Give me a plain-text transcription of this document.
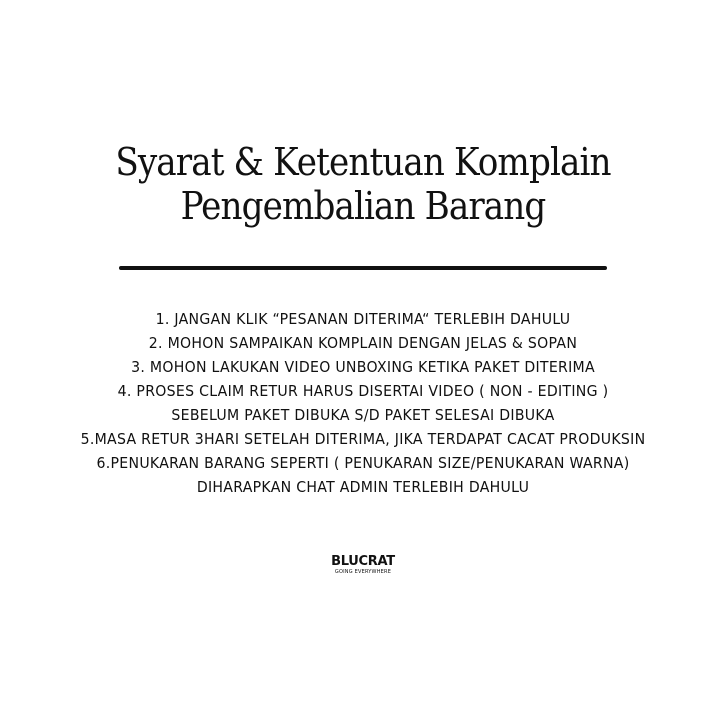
Syarat & Ketentuan Komplain
Pengembalian Barang
1. JANGAN KLIK “PESANAN DITERIMA“ TERLEBIH DAHULU
2. MOHON SAMPAIKAN KOMPLAIN DENGAN JELAS & SOPAN
3. MOHON LAKUKAN VIDEO UNBOXING KETIKA PAKET DITERIMA
4. PROSES CLAIM RETUR HARUS DISERTAI VIDEO ( NON - EDITING )
SEBELUM PAKET DIBUKA S/D PAKET SELESAI DIBUKA
5.MASA RETUR 3HARI SETELAH DITERIMA, JIKA TERDAPAT CACAT PRODUKSIN
6.PENUKARAN BARANG SEPERTI ( PENUKARAN SIZE/PENUKARAN WARNA)
DIHARAPKAN CHAT ADMIN TERLEBIH DAHULU
BLUCRAT
GOING EVERYWHERE
